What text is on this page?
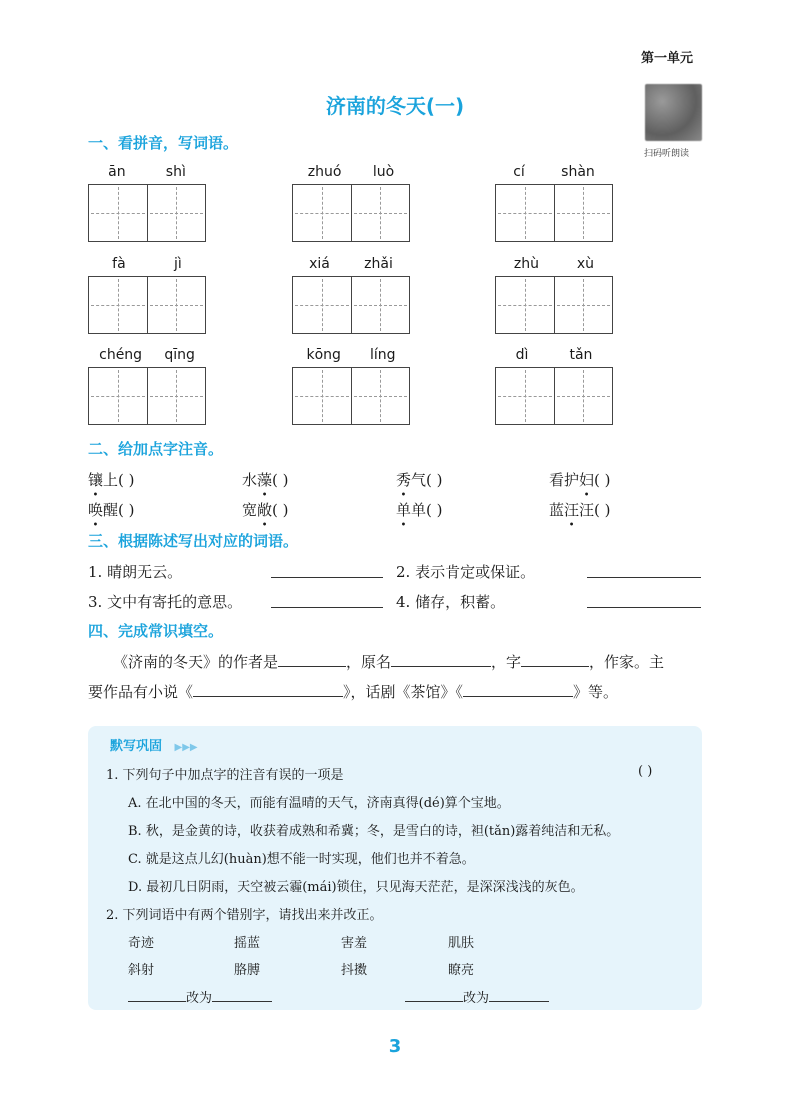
第一单元
济南的冬天(一)
扫码听朗读
一、看拼音，写词语。
ān	shì	zhuó luò	cí	shàn
fà	jì	xiá zhǎi	zhù	xù
chéng qīng	kōng líng	dì	tǎn
二、给加点字注音。
镶上( )	水藻( )	秀气( )	看护妇( )
唤醒( )	宽敞( )	单单( )	蓝汪汪( )
三、根据陈述写出对应的词语。
1. 晴朗无云。	2. 表示肯定或保证。
3. 文中有寄托的意思。	4. 储存，积蓄。
四、完成常识填空。
《济南的冬天》的作者是	，原名	，字	，作家。主
要作品有小说《	》，话剧《茶馆》《	》等。
默写巩固 ▶▶▶
1. 下列句子中加点字的注音有误的一项是	( )
A. 在北中国的冬天，而能有温晴的天气，济南真得(dé)算个宝地。
B. 秋，是金黄的诗，收获着成熟和希冀；冬，是雪白的诗，袒(tǎn)露着纯洁和无私。
C. 就是这点儿幻(huàn)想不能一时实现，他们也并不着急。
D. 最初几日阴雨，天空被云霾(mái)锁住，只见海天茫茫，是深深浅浅的灰色。
2. 下列词语中有两个错别字，请找出来并改正。
奇迹	摇蓝	害羞	肌肤
斜射	胳膊	抖擞	瞭亮
改为	改为
3
